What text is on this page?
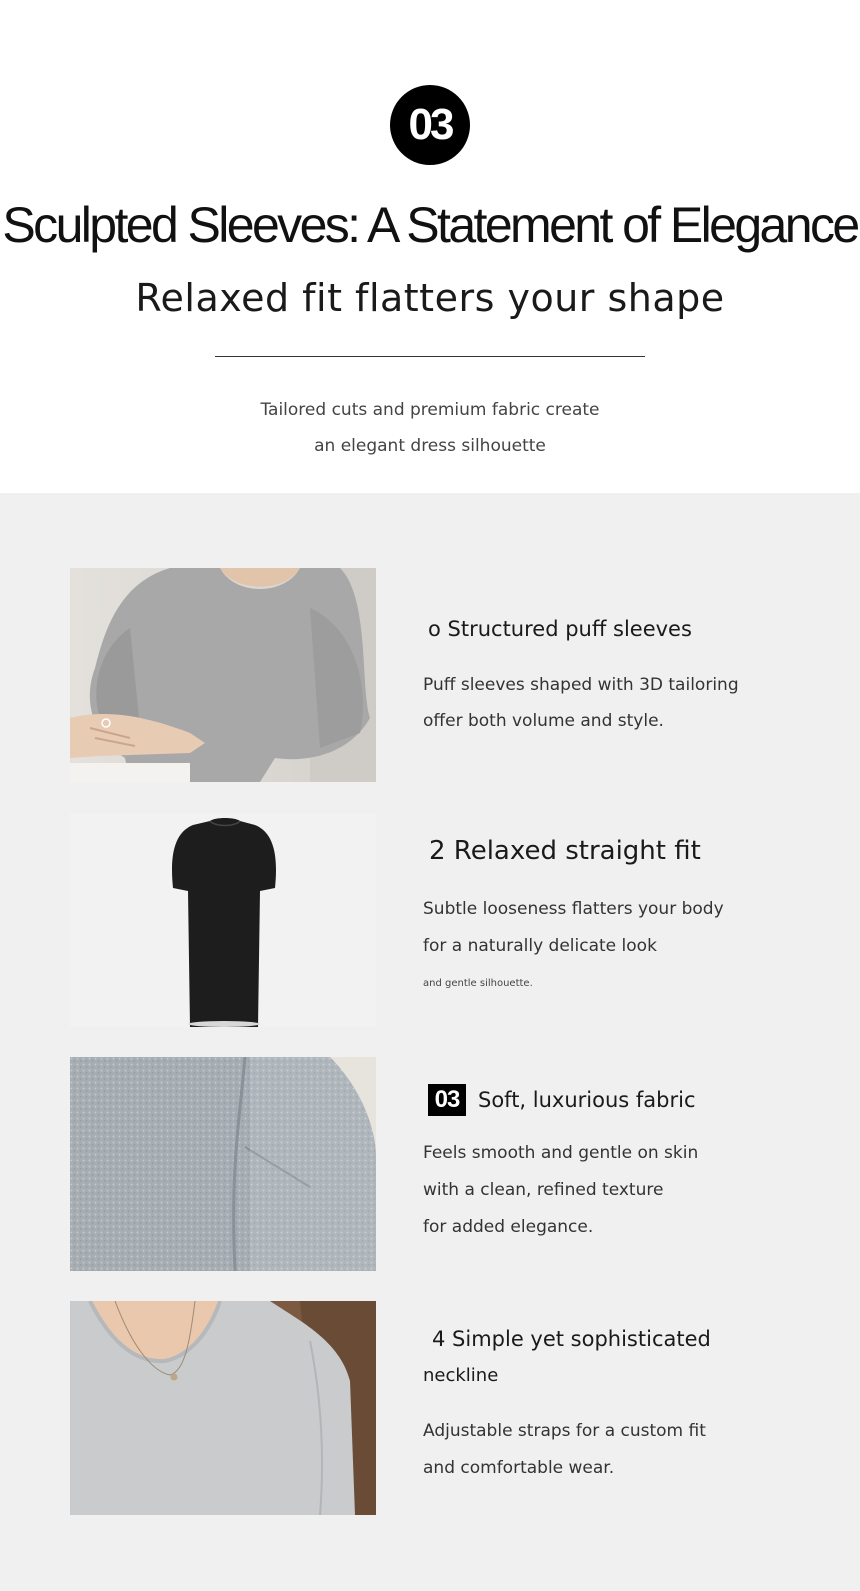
03
Sculpted Sleeves: A Statement of Elegance
Relaxed fit flatters your shape
Tailored cuts and premium fabric create
an elegant dress silhouette
o Structured puff sleeves
Puff sleeves shaped with 3D tailoring
offer both volume and style.
2 Relaxed straight fit
Subtle looseness flatters your body
for a naturally delicate look
and gentle silhouette.
03 Soft, luxurious fabric
Feels smooth and gentle on skin
with a clean, refined texture
for added elegance.
4 Simple yet sophisticated
neckline
Adjustable straps for a custom fit
and comfortable wear.
